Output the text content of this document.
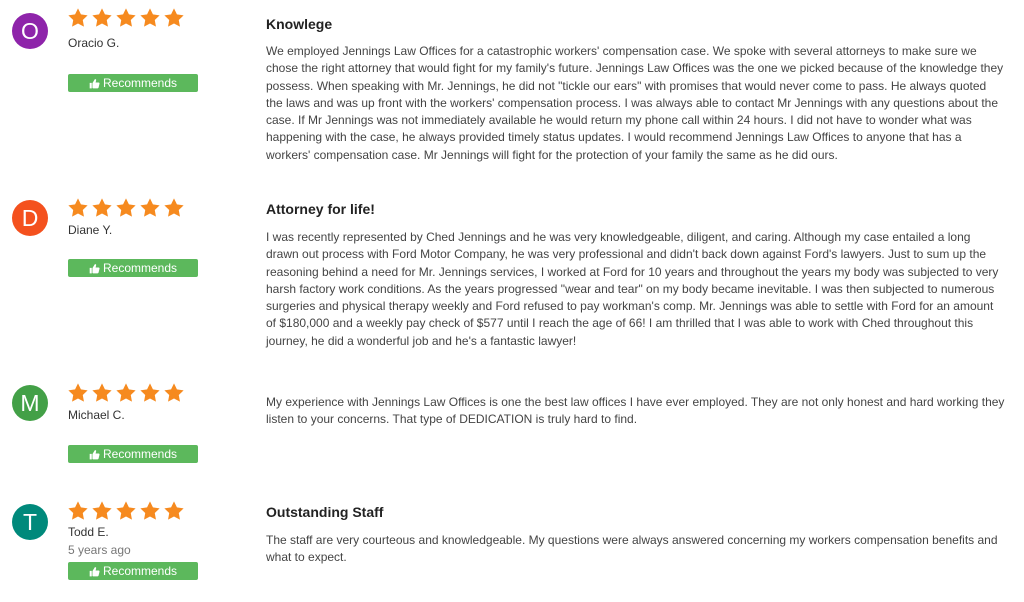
O	Oracio G.
Recommends
Knowlege
We employed Jennings Law Offices for a catastrophic workers' compensation case. We spoke with several attorneys to make sure we chose the right attorney that would fight for my family's future. Jennings Law Offices was the one we picked because of the knowledge they possess. When speaking with Mr. Jennings, he did not "tickle our ears" with promises that would never come to pass. He always quoted the laws and was up front with the workers' compensation process. I was always able to contact Mr Jennings with any questions about the case. If Mr Jennings was not immediately available he would return my phone call within 24 hours. I did not have to wonder what was happening with the case, he always provided timely status updates. I would recommend Jennings Law Offices to anyone that has a workers' compensation case. Mr Jennings will fight for the protection of your family the same as he did ours.
D	Diane Y.
Recommends
Attorney for life!
I was recently represented by Ched Jennings and he was very knowledgeable, diligent, and caring. Although my case entailed a long drawn out process with Ford Motor Company, he was very professional and didn't back down against Ford's lawyers. Just to sum up the reasoning behind a need for Mr. Jennings services, I worked at Ford for 10 years and throughout the years my body was subjected to very harsh factory work conditions. As the years progressed "wear and tear" on my body became inevitable. I was then subjected to numerous surgeries and physical therapy weekly and Ford refused to pay workman's comp. Mr. Jennings was able to settle with Ford for an amount of $180,000 and a weekly pay check of $577 until I reach the age of 66! I am thrilled that I was able to work with Ched throughout this journey, he did a wonderful job and he's a fantastic lawyer!
M	Michael C.
Recommends
My experience with Jennings Law Offices is one the best law offices I have ever employed. They are not only honest and hard working they listen to your concerns. That type of DEDICATION is truly hard to find.
T	Todd E.
5 years ago
Recommends
Outstanding Staff
The staff are very courteous and knowledgeable. My questions were always answered concerning my workers compensation benefits and what to expect.
